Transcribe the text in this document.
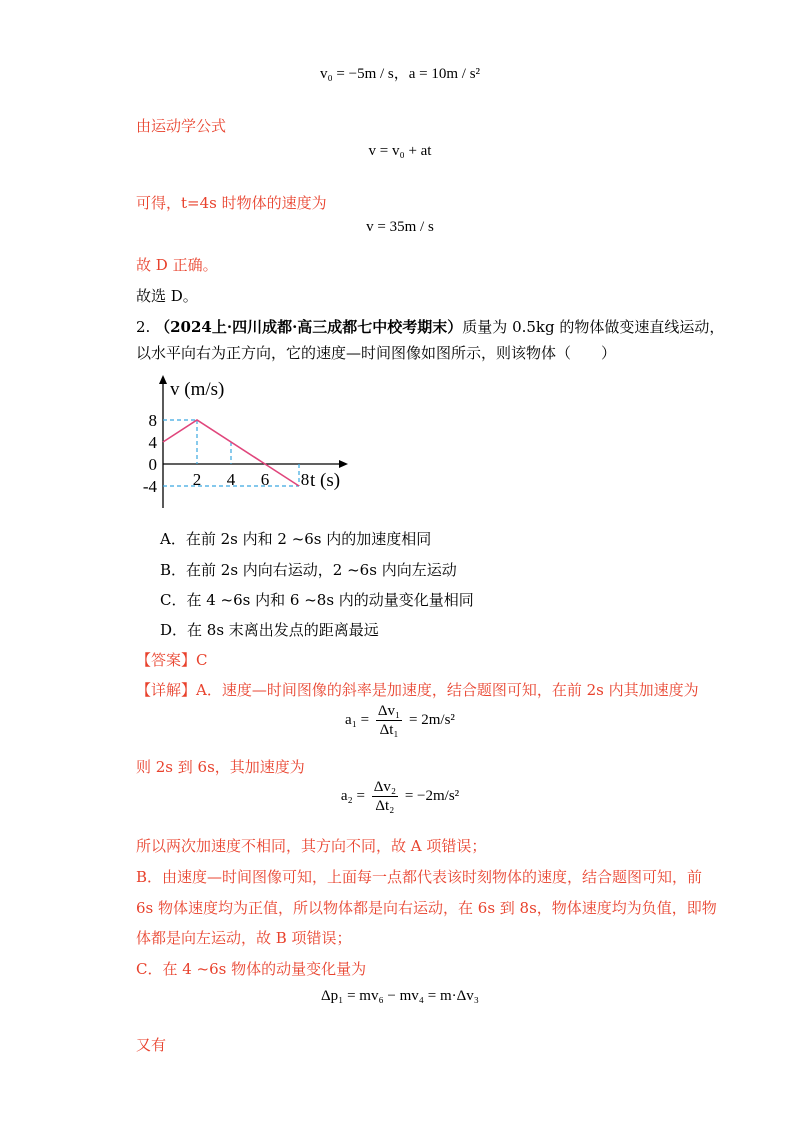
v₀ = −5m / s，a = 10m / s²
由运动学公式
v = v₀ + at
可得，t=4s 时物体的速度为
v = 35m / s
故 D 正确。
故选 D。
2. （2024上·四川成都·高三成都七中校考期末）质量为 0.5kg 的物体做变速直线运动，
以水平向右为正方向，它的速度—时间图像如图所示，则该物体（　　）
v (m/s)
t (s)
8
4
0
-4 2 4 6 8
A．在前 2s 内和 2 ~6s 内的加速度相同
B．在前 2s 内向右运动，2 ~6s 内向左运动
C．在 4 ~6s 内和 6 ~8s 内的动量变化量相同
D．在 8s 末离出发点的距离最远
【答案】C
【详解】A．速度—时间图像的斜率是加速度，结合题图可知，在前 2s 内其加速度为
$a_1 = \frac{\text{Δv₁}}{\text{Δt₁}} = 2m/s^2$
则 2s 到 6s，其加速度为
$a_2 = \frac{\text{Δv₂}}{\text{Δt₂}} = -2m/s^2$
所以两次加速度不相同，其方向不同，故 A 项错误；
B．由速度—时间图像可知，上面每一点都代表该时刻物体的速度，结合题图可知，前
6s 物体速度均为正值，所以物体都是向右运动，在 6s 到 8s，物体速度均为负值，即物
体都是向左运动，故 B 项错误；
C．在 4 ~6s 物体的动量变化量为
Δp₁ = mv₆ − mv₄ = m·Δv₃
又有
